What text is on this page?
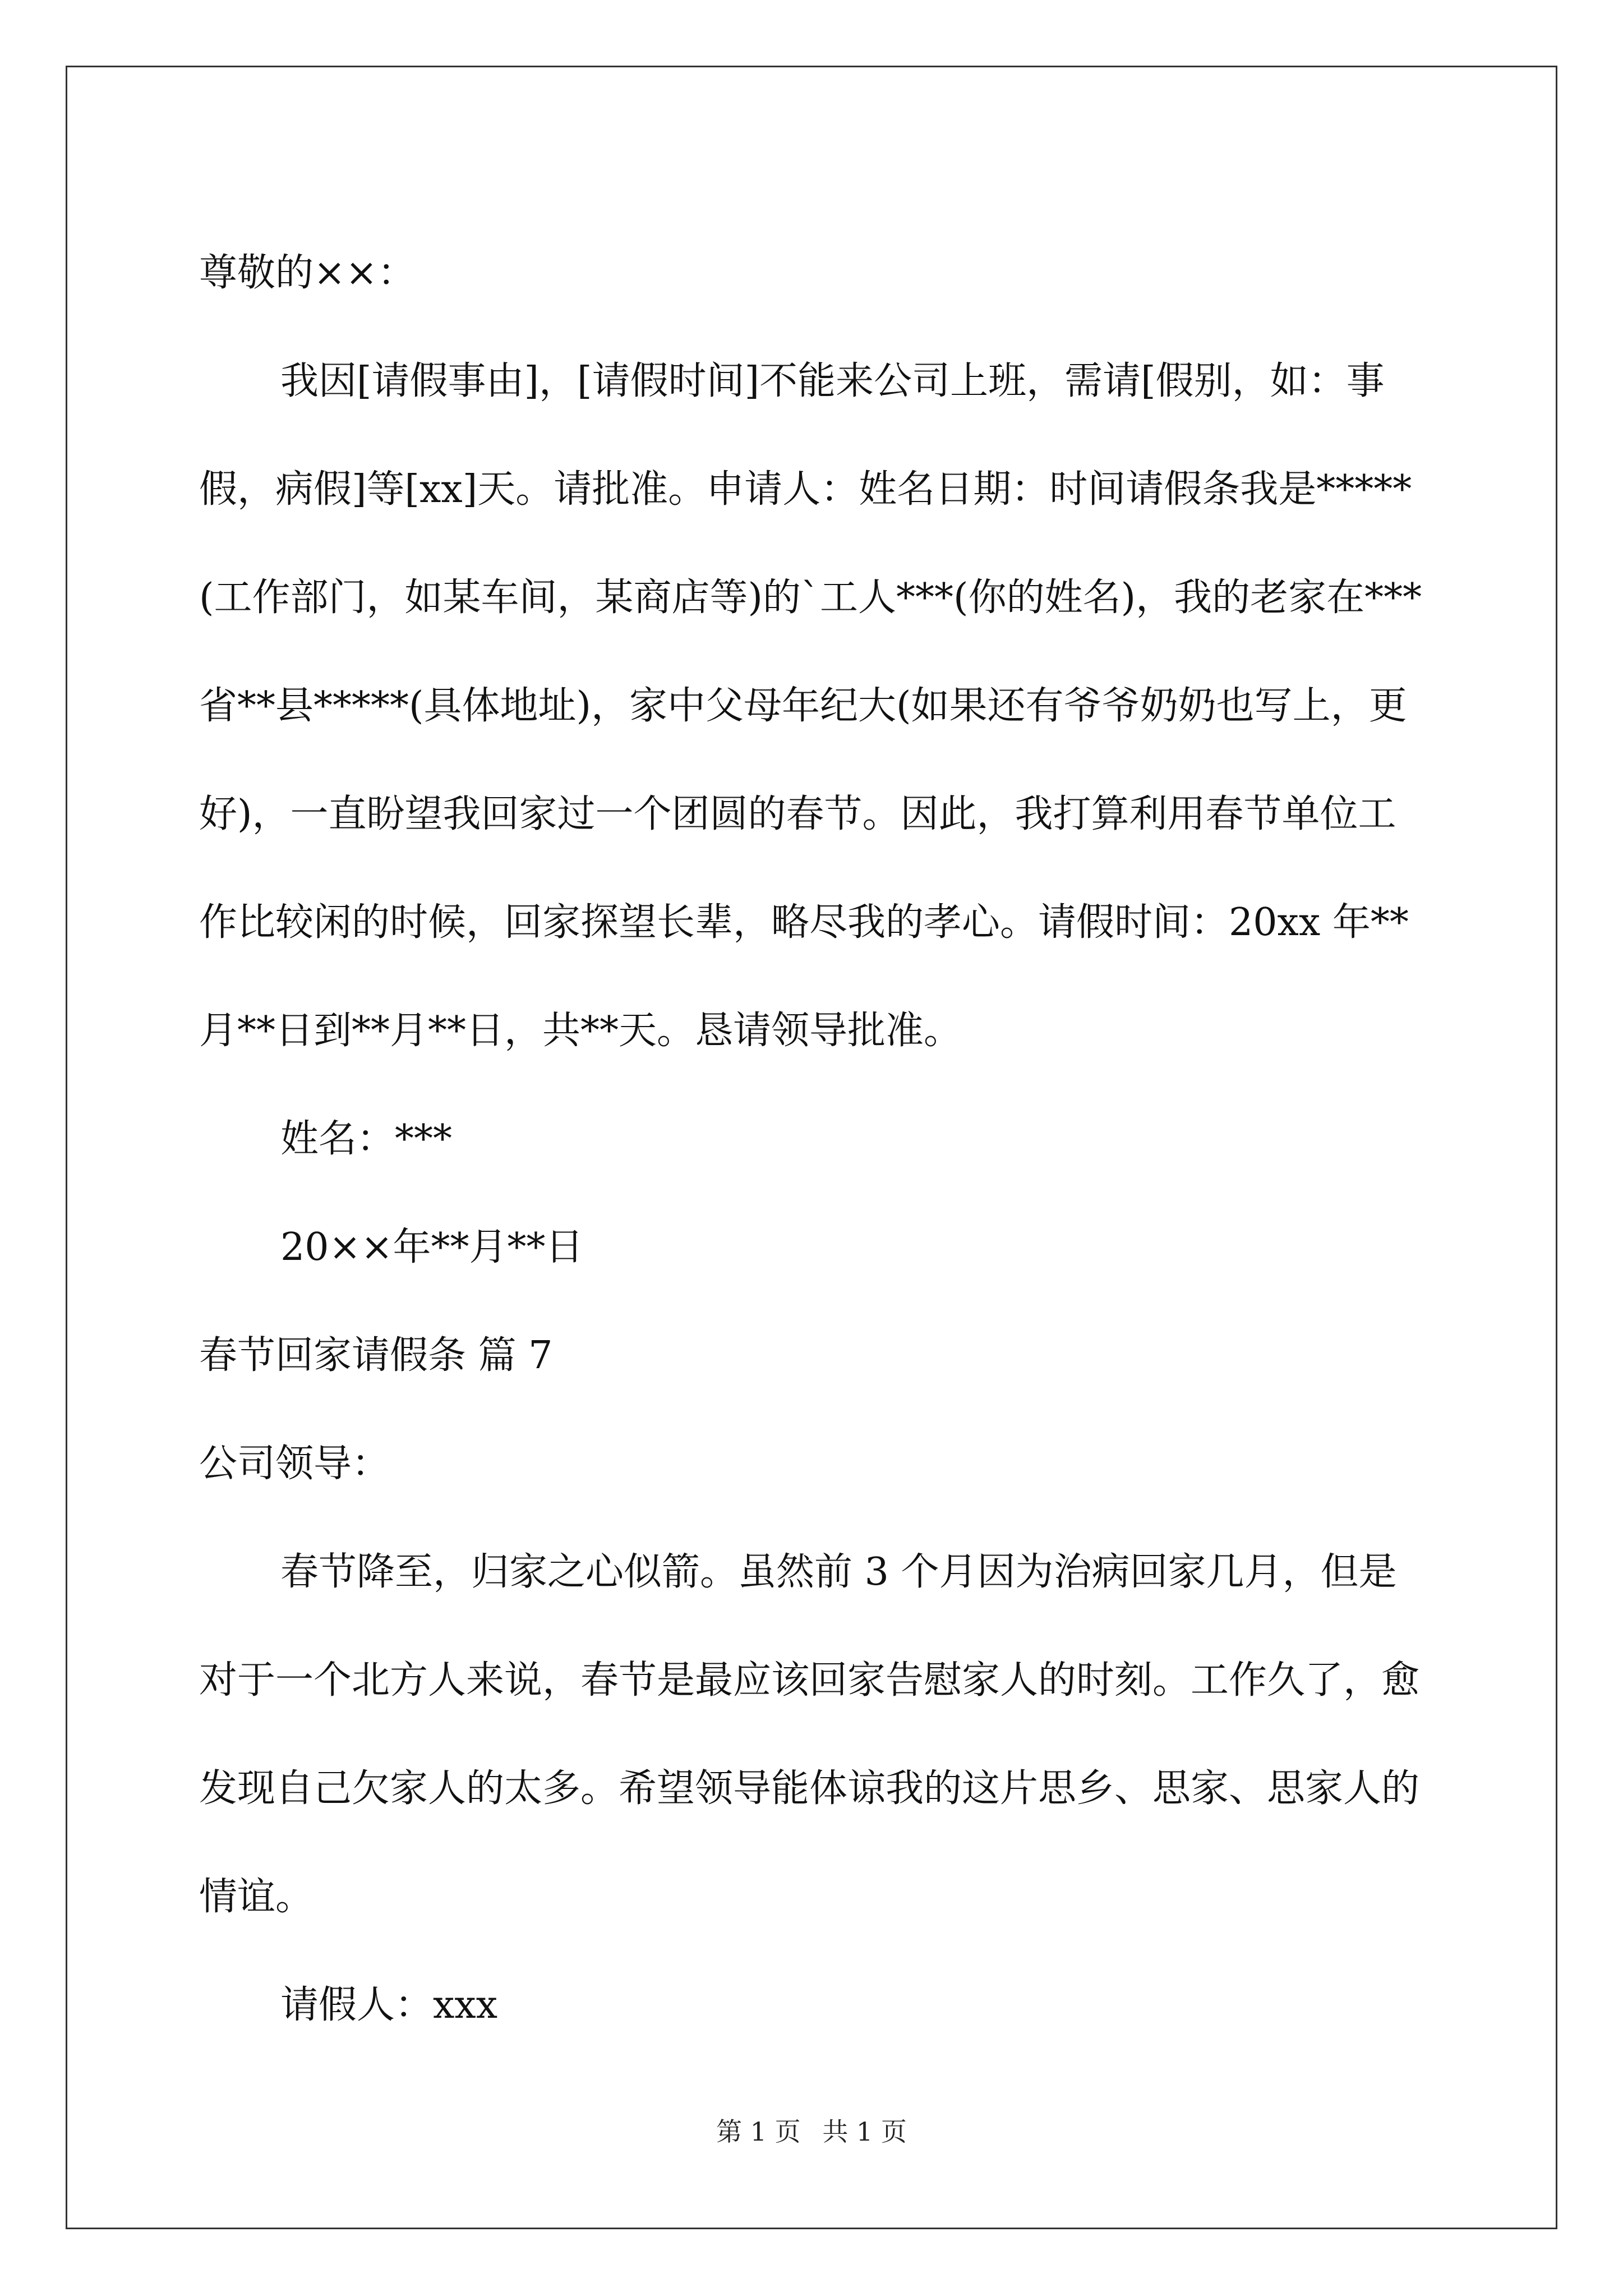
尊敬的××：

我因[请假事由]，[请假时间]不能来公司上班，需请[假别，如：事假，病假]等[xx]天。请批准。申请人：姓名日期：时间请假条我是*****(工作部门，如某车间，某商店等)的`工人***(你的姓名)，我的老家在***省**县*****(具体地址)，家中父母年纪大(如果还有爷爷奶奶也写上，更好)，一直盼望我回家过一个团圆的春节。因此，我打算利用春节单位工作比较闲的时候，回家探望长辈，略尽我的孝心。请假时间：20xx 年**月**日到**月**日，共**天。恳请领导批准。

姓名：***

20××年**月**日

春节回家请假条 篇 7

公司领导：

春节降至，归家之心似箭。虽然前 3 个月因为治病回家几月，但是对于一个北方人来说，春节是最应该回家告慰家人的时刻。工作久了，愈发现自己欠家人的太多。希望领导能体谅我的这片思乡、思家、思家人的情谊。

请假人：xxx

第 1 页 共 1 页
